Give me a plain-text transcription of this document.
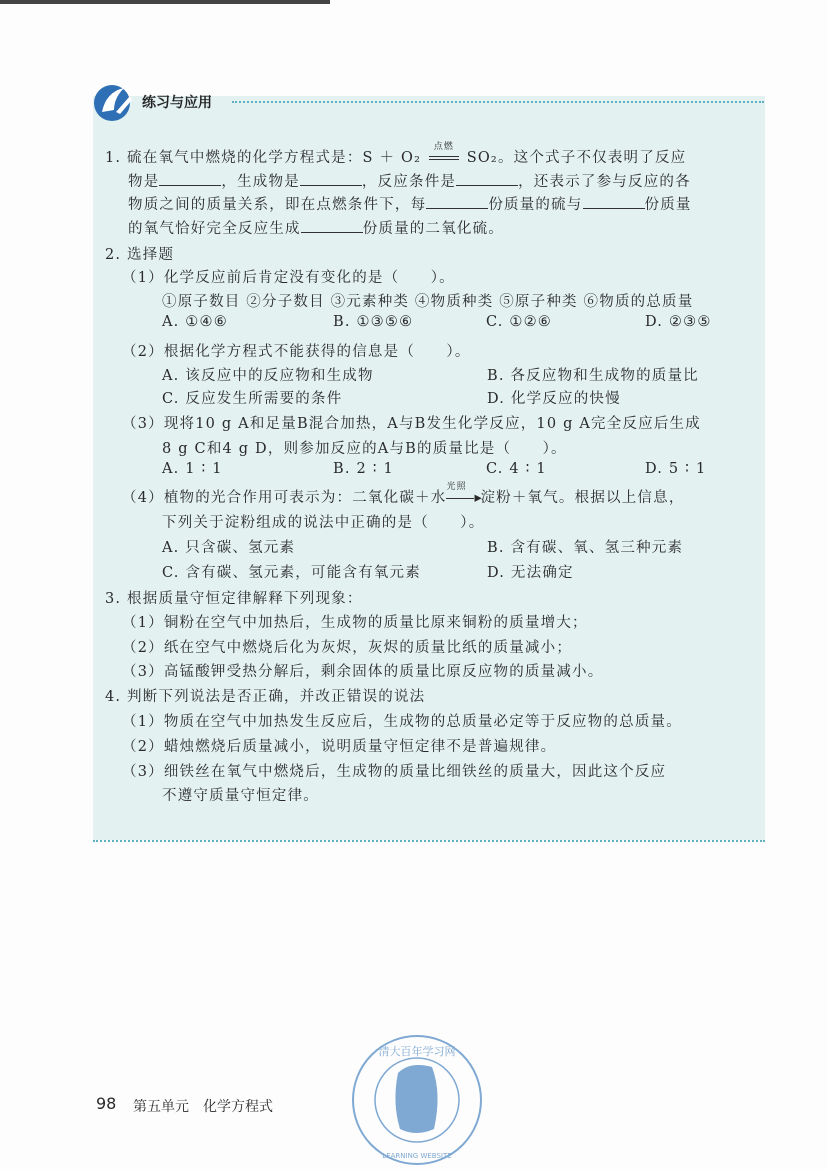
练习与应用
1. 硫在氧气中燃烧的化学方程式是：S ＋ O₂
点燃
SO₂。这个式子不仅表明了反应
物是	，生成物是	，反应条件是	，还表示了参与反应的各
物质之间的质量关系，即在点燃条件下，每	份质量的硫与	份质量
的氧气恰好完全反应生成	份质量的二氧化硫。
2. 选择题
（1）化学反应前后肯定没有变化的是（　　）。
①原子数目 ②分子数目 ③元素种类 ④物质种类 ⑤原子种类 ⑥物质的总质量
A. ①④⑥	B. ①③⑤⑥	C. ①②⑥	D. ②③⑤
（2）根据化学方程式不能获得的信息是（　　）。
A. 该反应中的反应物和生成物	B. 各反应物和生成物的质量比
C. 反应发生所需要的条件	D. 化学反应的快慢
（3）现将10 g A和足量B混合加热，A与B发生化学反应，10 g A完全反应后生成
8 g C和4 g D，则参加反应的A与B的质量比是（　　）。
A. 1 ∶ 1	B. 2 ∶ 1	C. 4 ∶ 1	D. 5 ∶ 1
（4）植物的光合作用可表示为：二氧化碳＋水
光照
▸淀粉＋氧气。根据以上信息，
下列关于淀粉组成的说法中正确的是（　　）。
A. 只含碳、氢元素	B. 含有碳、氧、氢三种元素
C. 含有碳、氢元素，可能含有氧元素	D. 无法确定
3. 根据质量守恒定律解释下列现象：
（1）铜粉在空气中加热后，生成物的质量比原来铜粉的质量增大；
（2）纸在空气中燃烧后化为灰烬，灰烬的质量比纸的质量减小；
（3）高锰酸钾受热分解后，剩余固体的质量比原反应物的质量减小。
4. 判断下列说法是否正确，并改正错误的说法
（1）物质在空气中加热发生反应后，生成物的总质量必定等于反应物的总质量。
（2）蜡烛燃烧后质量减小，说明质量守恒定律不是普遍规律。
（3）细铁丝在氧气中燃烧后，生成物的质量比细铁丝的质量大，因此这个反应
不遵守质量守恒定律。
98 第五单元　化学方程式
清大百年学习网
LEARNING WEBSITE
